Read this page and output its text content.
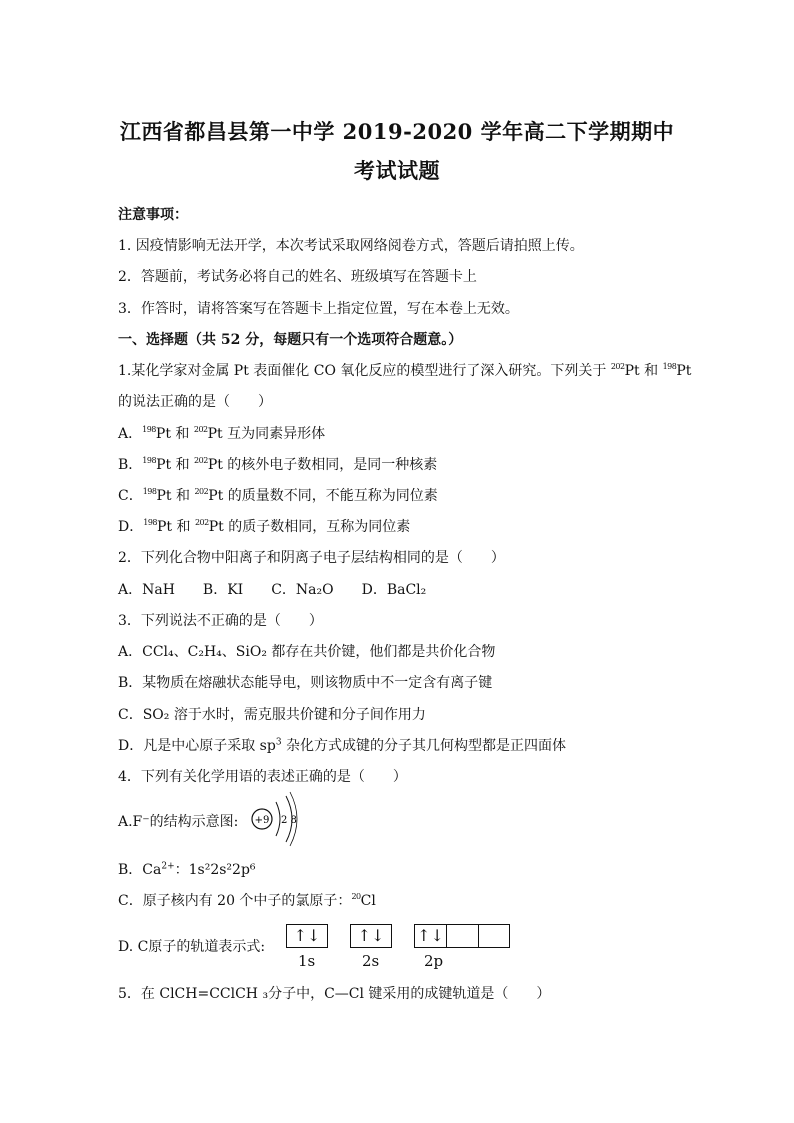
江西省都昌县第一中学 2019-2020 学年高二下学期期中
考试试题
注意事项：
1. 因疫情影响无法开学，本次考试采取网络阅卷方式，答题后请拍照上传。
2．答题前，考试务必将自己的姓名、班级填写在答题卡上
3．作答时，请将答案写在答题卡上指定位置，写在本卷上无效。
一、选择题（共 52 分，每题只有一个选项符合题意。）
1.某化学家对金属 Pt 表面催化 CO 氧化反应的模型进行了深入研究。下列关于 $^{202}$Pt 和 $^{198}$Pt
的说法正确的是（　　）
A．$^{198}$Pt 和 $^{202}$Pt 互为同素异形体
B．$^{198}$Pt 和 $^{202}$Pt 的核外电子数相同，是同一种核素
C．$^{198}$Pt 和 $^{202}$Pt 的质量数不同，不能互称为同位素
D．$^{198}$Pt 和 $^{202}$Pt 的质子数相同，互称为同位素
2．下列化合物中阳离子和阴离子电子层结构相同的是（　　）
A．NaH　　B．KI　　C．Na₂O　　D．BaCl₂
3．下列说法不正确的是（　　）
A．CCl₄、C₂H₄、SiO₂ 都存在共价键，他们都是共价化合物
B．某物质在熔融状态能导电，则该物质中不一定含有离子键
C．SO₂ 溶于水时，需克服共价键和分子间作用力
D．凡是中心原子采取 $sp^3$ 杂化方式成键的分子其几何构型都是正四面体
4．下列有关化学用语的表述正确的是（　　）
A.F⁻的结构示意图: +9 2 8
B．$Ca^{2+}$：1s²2s²2p⁶
C．原子核内有 20 个中子的氯原子：$^{20}$Cl
D. C原子的轨道表示式:
↑↓	↑↓	↑↓
1s	2s	2p
5．在 ClCH=CClCH ₃分子中，C—Cl 键采用的成键轨道是（　　）
